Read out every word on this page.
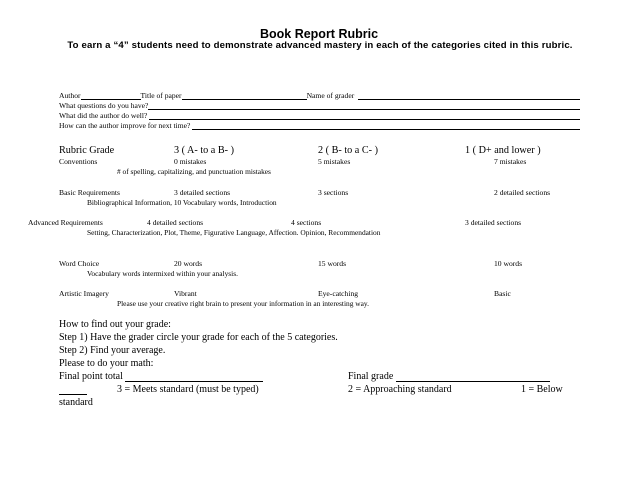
Book Report Rubric
To earn a “4” students need to demonstrate advanced mastery in each of the categories cited in this rubric.
Author	Title of paper	Name of grader
What questions do you have?
What did the author do well?
How can the author improve for next time?
Rubric Grade	3 ( A- to a B- )	2 ( B- to a C- )	1 ( D+ and lower )
Conventions	0 mistakes	5 mistakes	7 mistakes
# of spelling, capitalizing, and punctuation mistakes
Basic Requirements	3 detailed sections	3 sections	2 detailed sections
Bibliographical Information, 10 Vocabulary words, Introduction
Advanced Requirements	4 detailed sections	4 sections	3 detailed sections
Setting, Characterization, Plot, Theme, Figurative Language, Affection. Opinion, Recommendation
Word Choice	20 words	15 words	10 words
Vocabulary words intermixed within your analysis.
Artistic Imagery	Vibrant	Eye-catching	Basic
Please use your creative right brain to present your information in an interesting way.
How to find out your grade:
Step 1) Have the grader circle your grade for each of the 5 categories.
Step 2) Find your average.
Please to do your math:
Final point total	Final grade
3 = Meets standard (must be typed)	2 = Approaching standard	1 = Below
standard
